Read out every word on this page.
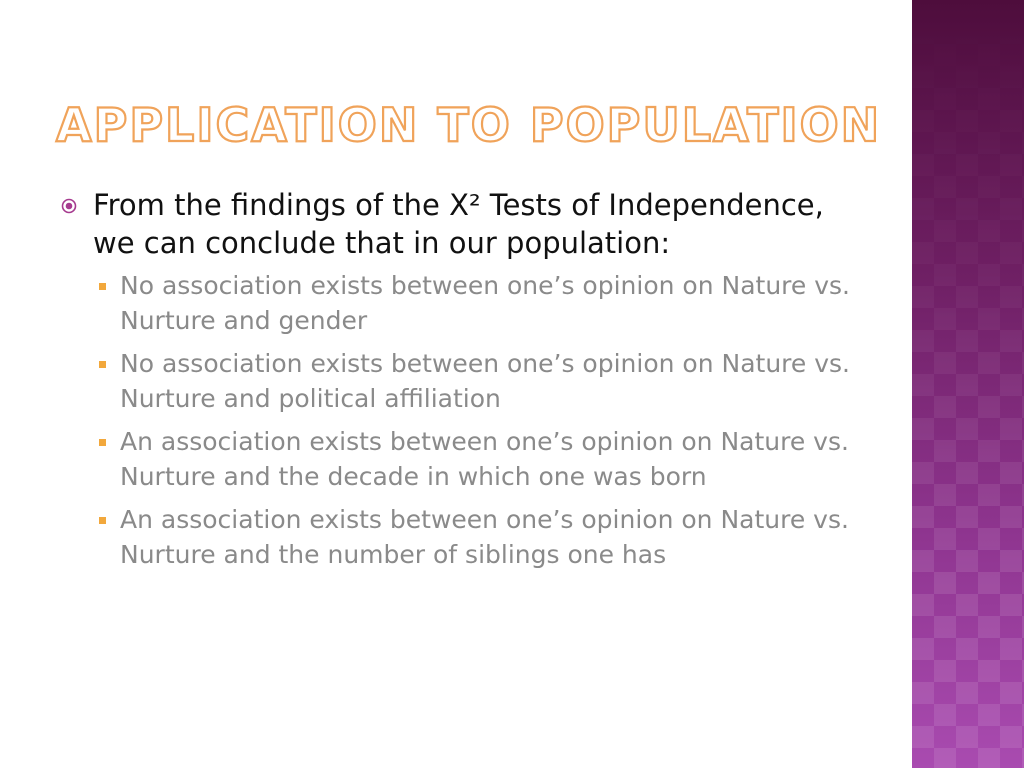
APPLICATION TO POPULATION
From the findings of the X² Tests of Independence, we can conclude that in our population:
No association exists between one’s opinion on Nature vs. Nurture and gender
No association exists between one’s opinion on Nature vs. Nurture and political affiliation
An association exists between one’s opinion on Nature vs. Nurture and the decade in which one was born
An association exists between one’s opinion on Nature vs. Nurture and the number of siblings one has
